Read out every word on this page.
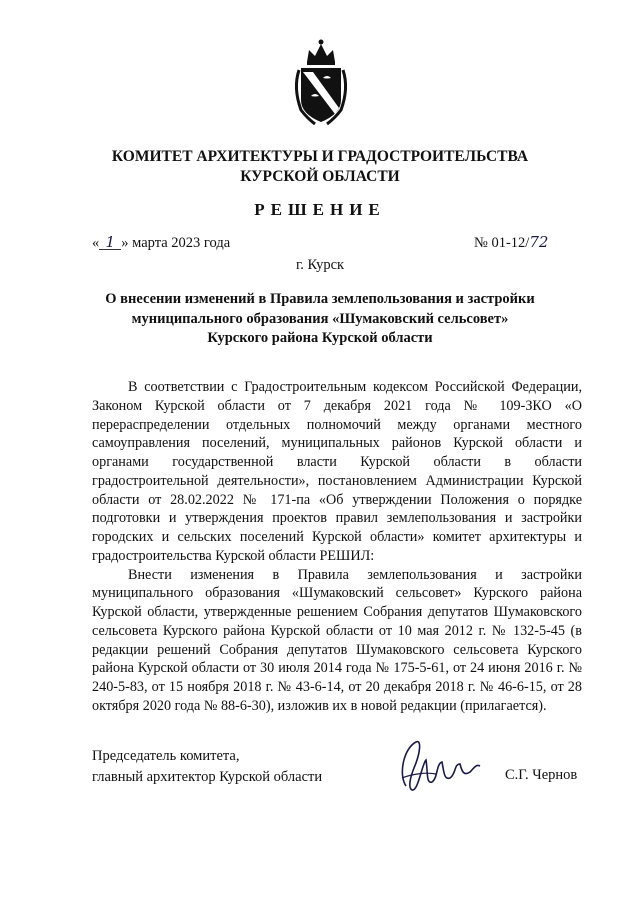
КОМИТЕТ АРХИТЕКТУРЫ И ГРАДОСТРОИТЕЛЬСТВА
КУРСКОЙ ОБЛАСТИ
РЕШЕНИЕ
« 1 » марта 2023 года	№ 01-12/72
г. Курск
О внесении изменений в Правила землепользования и застройки
муниципального образования «Шумаковский сельсовет»
Курского района Курской области

В соответствии с Градостроительным кодексом Российской Федерации, Законом Курской области от 7 декабря 2021 года № 109-ЗКО «О перераспределении отдельных полномочий между органами местного самоуправления поселений, муниципальных районов Курской области и органами государственной власти Курской области в области градостроительной деятельности», постановлением Администрации Курской области от 28.02.2022 № 171-па «Об утверждении Положения о порядке подготовки и утверждения проектов правил землепользования и застройки городских и сельских поселений Курской области» комитет архитектуры и градостроительства Курской области РЕШИЛ:

Внести изменения в Правила землепользования и застройки муниципального образования «Шумаковский сельсовет» Курского района Курской области, утвержденные решением Собрания депутатов Шумаковского сельсовета Курского района Курской области от 10 мая 2012 г. № 132-5-45 (в редакции решений Собрания депутатов Шумаковского сельсовета Курского района Курской области от 30 июля 2014 года № 175-5-61, от 24 июня 2016 г. № 240-5-83, от 15 ноября 2018 г. № 43-6-14, от 20 декабря 2018 г. № 46-6-15, от 28 октября 2020 года № 88-6-30), изложив их в новой редакции (прилагается).

Председатель комитета,
главный архитектор Курской области	С.Г. Чернов
